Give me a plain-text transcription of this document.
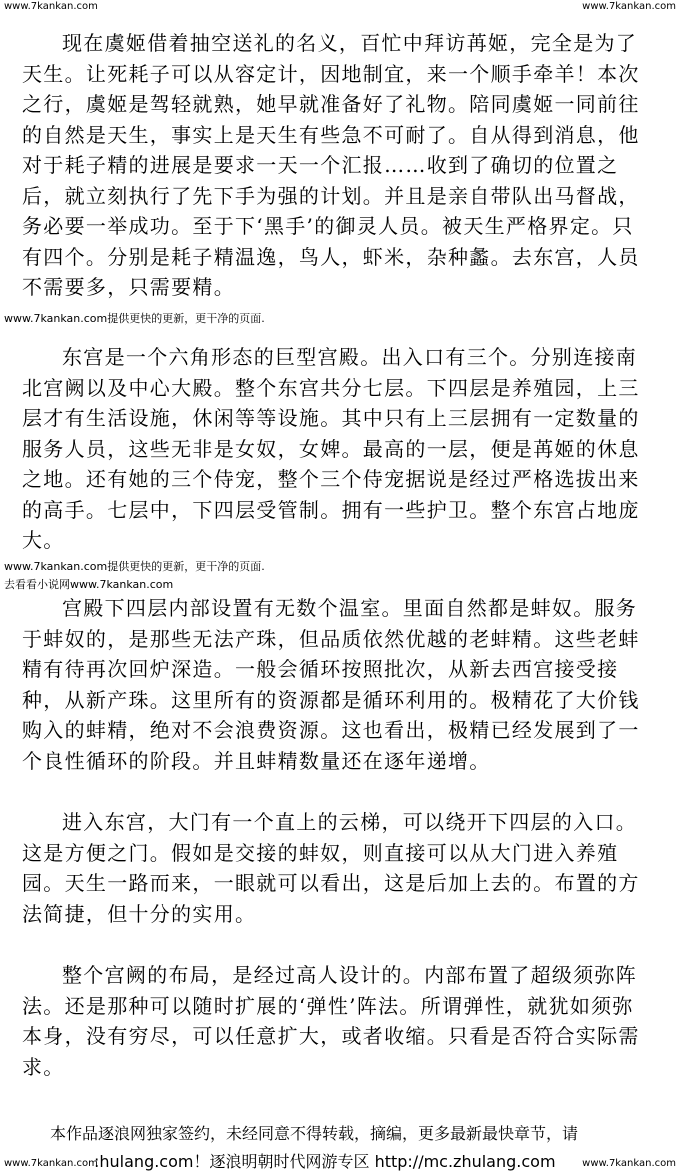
www.7kankan.com	www.7kankan.com

现在虞姬借着抽空送礼的名义，百忙中拜访苒姬，完全是为了天生。让死耗子可以从容定计，因地制宜，来一个顺手牵羊！本次之行，虞姬是驾轻就熟，她早就准备好了礼物。陪同虞姬一同前往的自然是天生，事实上是天生有些急不可耐了。自从得到消息，他对于耗子精的进展是要求一天一个汇报……收到了确切的位置之后，就立刻执行了先下手为强的计划。并且是亲自带队出马督战，务必要一举成功。至于下‘黑手’的御灵人员。被天生严格界定。只有四个。分别是耗子精温逸，鸟人，虾米，杂种蠡。去东宫，人员不需要多，只需要精。

www.7kankan.com提供更快的更新，更干净的页面.

东宫是一个六角形态的巨型宫殿。出入口有三个。分别连接南北宫阙以及中心大殿。整个东宫共分七层。下四层是养殖园，上三层才有生活设施，休闲等等设施。其中只有上三层拥有一定数量的服务人员，这些无非是女奴，女婢。最高的一层，便是苒姬的休息之地。还有她的三个侍宠，整个三个侍宠据说是经过严格选拔出来的高手。七层中，下四层受管制。拥有一些护卫。整个东宫占地庞大。

www.7kankan.com提供更快的更新，更干净的页面.
去看看小说网www.7kankan.com

宫殿下四层内部设置有无数个温室。里面自然都是蚌奴。服务于蚌奴的，是那些无法产珠，但品质依然优越的老蚌精。这些老蚌精有待再次回炉深造。一般会循环按照批次，从新去西宫接受接种，从新产珠。这里所有的资源都是循环利用的。极精花了大价钱购入的蚌精，绝对不会浪费资源。这也看出，极精已经发展到了一个良性循环的阶段。并且蚌精数量还在逐年递增。

进入东宫，大门有一个直上的云梯，可以绕开下四层的入口。这是方便之门。假如是交接的蚌奴，则直接可以从大门进入养殖园。天生一路而来，一眼就可以看出，这是后加上去的。布置的方法简捷，但十分的实用。

整个宫阙的布局，是经过高人设计的。内部布置了超级须弥阵法。还是那种可以随时扩展的‘弹性’阵法。所谓弹性，就犹如须弥本身，没有穷尽，可以任意扩大，或者收缩。只看是否符合实际需求。

本作品逐浪网独家签约，未经同意不得转载，摘编，更多最新最快章节，请
www.7kankan.com
:hulang.com！逐浪明朝时代网游专区 http://mc.zhulang.com	www.7kankan.com
